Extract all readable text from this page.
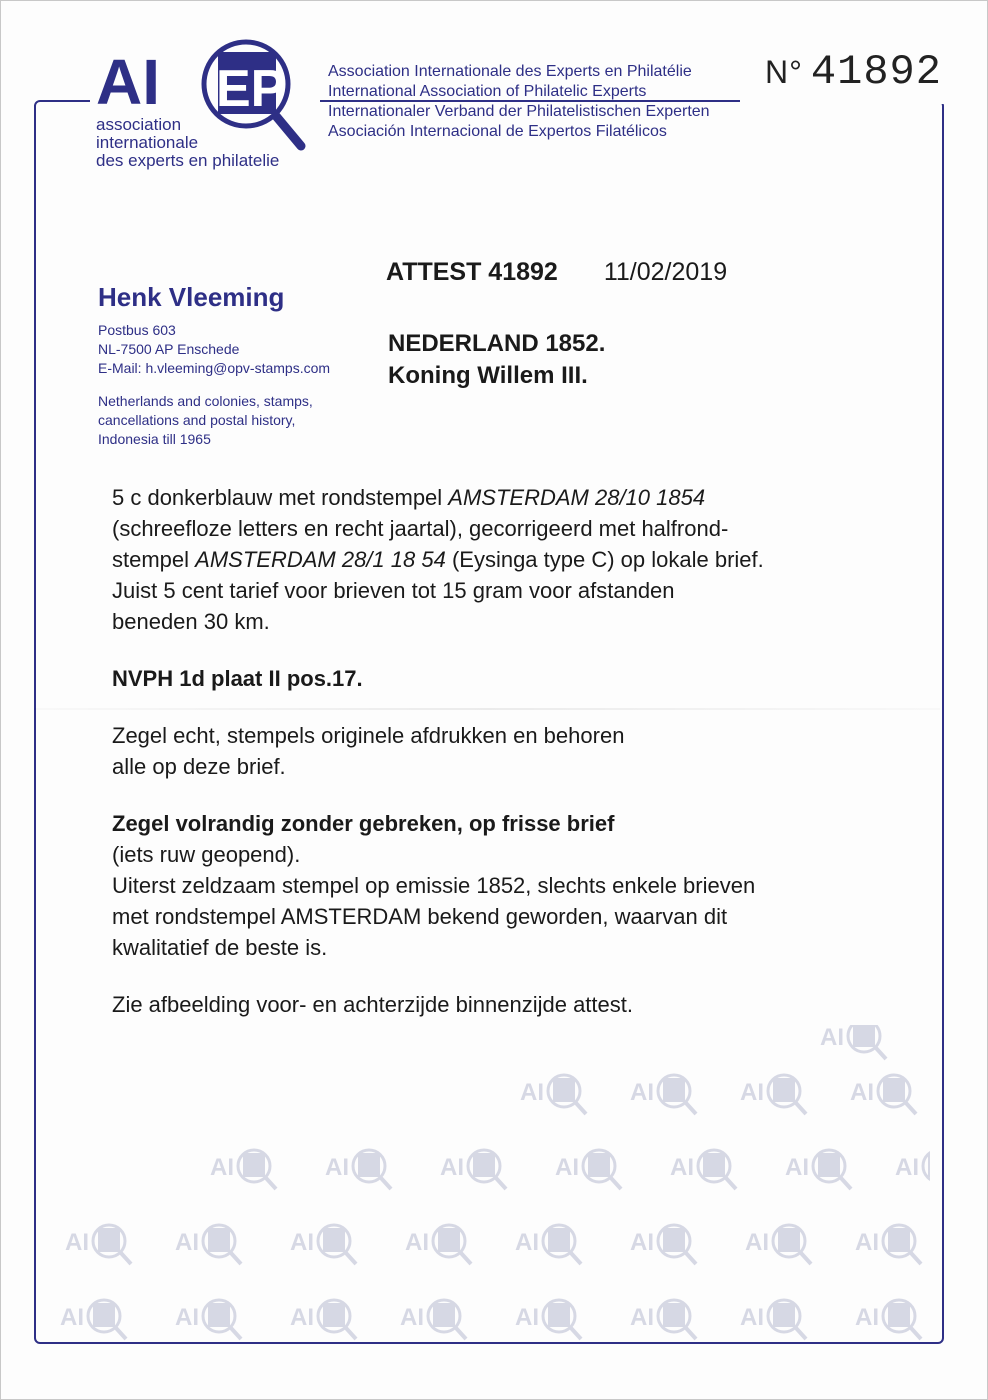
AI EP
association
internationale
des experts en philatelie
Association Internationale des Experts en Philatélie
International Association of Philatelic Experts
Internationaler Verband der Philatelistischen Experten
Asociación Internacional de Expertos Filatélicos
N° 41892
Henk Vleeming
Postbus 603
NL-7500 AP Enschede
E-Mail: h.vleeming@opv-stamps.com
Netherlands and colonies, stamps,
cancellations and postal history,
Indonesia till 1965
ATTEST 41892 11/02/2019
NEDERLAND 1852.
Koning Willem III.

5 c donkerblauw met rondstempel AMSTERDAM 28/10 1854
(schreefloze letters en recht jaartal), gecorrigeerd met halfrond-
stempel AMSTERDAM 28/1 18 54 (Eysinga type C) op lokale brief.
Juist 5 cent tarief voor brieven tot 15 gram voor afstanden
beneden 30 km.

NVPH 1d plaat II pos.17.

Zegel echt, stempels originele afdrukken en behoren
alle op deze brief.

Zegel volrandig zonder gebreken, op frisse brief
(iets ruw geopend).
Uiterst zeldzaam stempel op emissie 1852, slechts enkele brieven
met rondstempel AMSTERDAM bekend geworden, waarvan dit
kwalitatief de beste is.

Zie afbeelding voor- en achterzijde binnenzijde attest.

AI
AI	AI	AI	AI
AI	AI	AI	AI	AI	AI	AI
AI	AI	AI	AI	AI	AI	AI	AI
AI	AI	AI	AI	AI	AI	AI	AI
